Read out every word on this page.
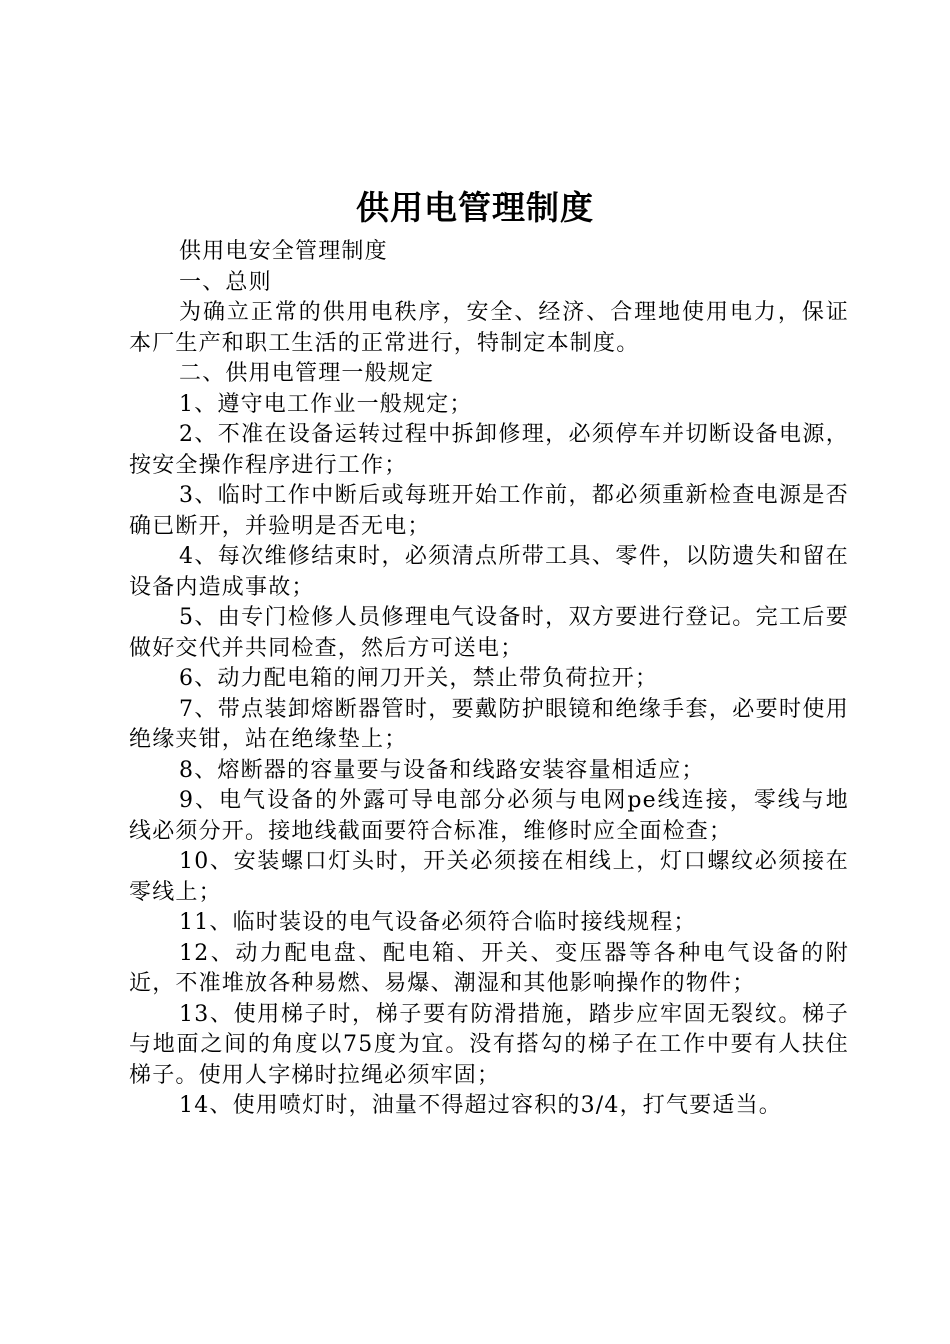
供用电管理制度

供用电安全管理制度

一、总则

为确立正常的供用电秩序，安全、经济、合理地使用电力，保证本厂生产和职工生活的正常进行，特制定本制度。

二、供用电管理一般规定

1、遵守电工作业一般规定；

2、不准在设备运转过程中拆卸修理，必须停车并切断设备电源，按安全操作程序进行工作；

3、临时工作中断后或每班开始工作前，都必须重新检查电源是否确已断开，并验明是否无电；

4、每次维修结束时，必须清点所带工具、零件，以防遗失和留在设备内造成事故；

5、由专门检修人员修理电气设备时，双方要进行登记。完工后要做好交代并共同检查，然后方可送电；

6、动力配电箱的闸刀开关，禁止带负荷拉开；

7、带点装卸熔断器管时，要戴防护眼镜和绝缘手套，必要时使用绝缘夹钳，站在绝缘垫上；

8、熔断器的容量要与设备和线路安装容量相适应；

9、电气设备的外露可导电部分必须与电网pe线连接，零线与地线必须分开。接地线截面要符合标准，维修时应全面检查；

10、安装螺口灯头时，开关必须接在相线上，灯口螺纹必须接在零线上；

11、临时装设的电气设备必须符合临时接线规程；

12、动力配电盘、配电箱、开关、变压器等各种电气设备的附近，不准堆放各种易燃、易爆、潮湿和其他影响操作的物件；

13、使用梯子时，梯子要有防滑措施，踏步应牢固无裂纹。梯子与地面之间的角度以75度为宜。没有搭勾的梯子在工作中要有人扶住梯子。使用人字梯时拉绳必须牢固；

14、使用喷灯时，油量不得超过容积的3/4，打气要适当。
